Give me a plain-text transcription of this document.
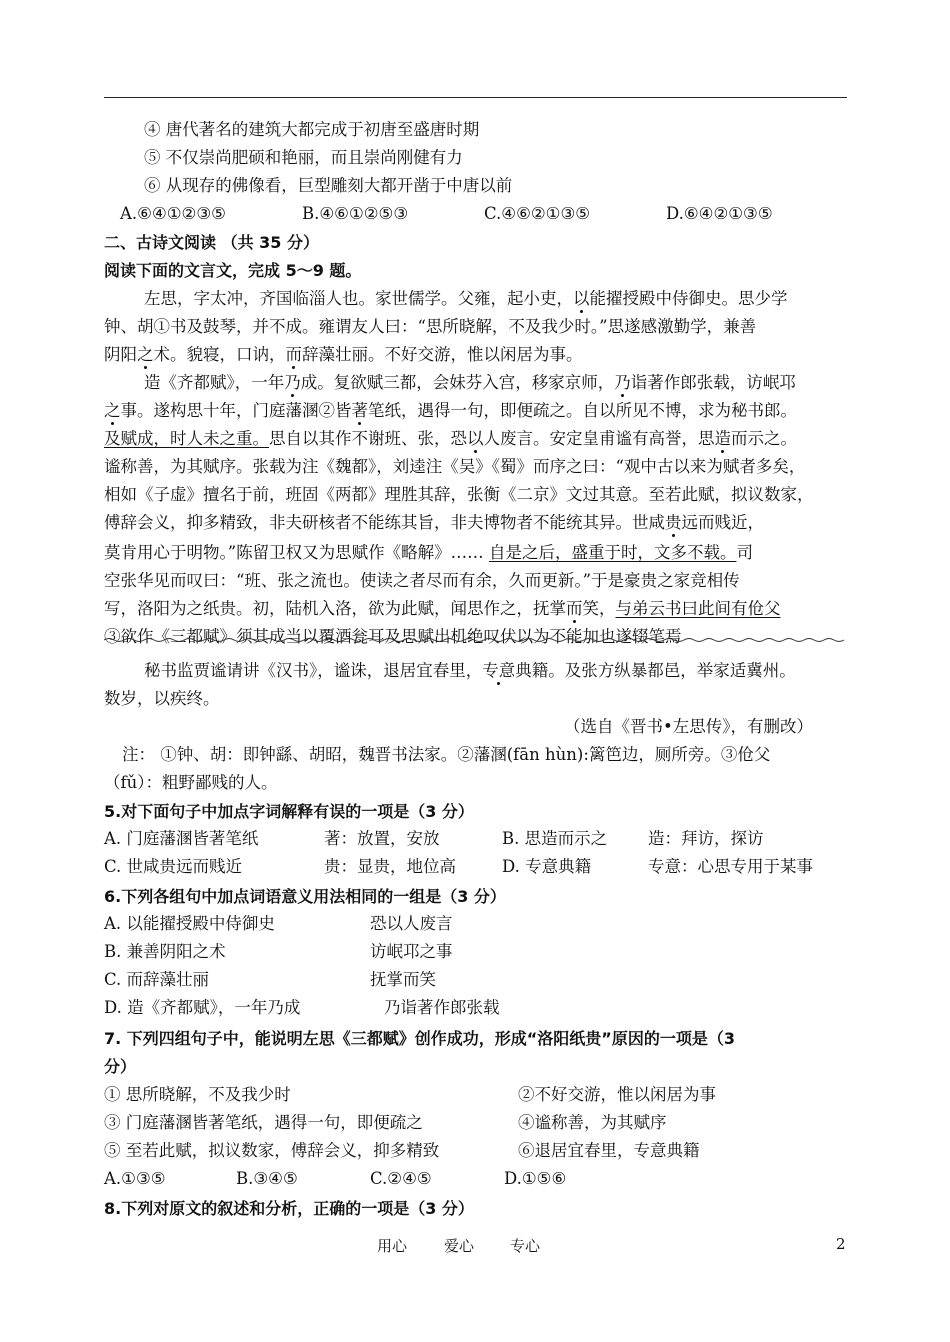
④ 唐代著名的建筑大都完成于初唐至盛唐时期
⑤ 不仅崇尚肥硕和艳丽，而且崇尚刚健有力
⑥ 从现存的佛像看，巨型雕刻大都开凿于中唐以前
A.⑥④①②③⑤	B.④⑥①②⑤③	C.④⑥②①③⑤	D.⑥④②①③⑤
二、古诗文阅读 （共 35 分）
阅读下面的文言文，完成 5～9 题。
左思，字太冲，齐国临淄人也。家世儒学。父雍，起小吏，以能擢授殿中侍御史。思少学
钟、胡①书及鼓琴，并不成。雍谓友人曰：“思所晓解，不及我少时。”思遂感激勤学，兼善
阴阳之术。貌寝，口讷，而辞藻壮丽。不好交游，惟以闲居为事。
造《齐都赋》，一年乃成。复欲赋三都，会妹芬入宫，移家京师，乃诣著作郎张载，访岷邛
之事。遂构思十年，门庭藩溷②皆著笔纸，遇得一句，即便疏之。自以所见不博，求为秘书郎。
及赋成，时人未之重。思自以其作不谢班、张，恐以人废言。安定皇甫谧有高誉，思造而示之。
谧称善，为其赋序。张载为注《魏都》，刘逵注《吴》《蜀》而序之曰：“观中古以来为赋者多矣，
相如《子虚》擅名于前，班固《两都》理胜其辞，张衡《二京》文过其意。至若此赋，拟议数家，
傅辞会义，抑多精致，非夫研核者不能练其旨，非夫博物者不能统其异。世咸贵远而贱近，
莫肯用心于明物。”陈留卫权又为思赋作《略解》…… 自是之后，盛重于时，文多不载。司
空张华见而叹曰：“班、张之流也。使读之者尽而有余，久而更新。”于是豪贵之家竞相传
写，洛阳为之纸贵。初，陆机入洛，欲为此赋，闻思作之，抚掌而笑，与弟云书曰此间有伧父
③欲作《三都赋》须其成当以覆酒瓮耳及思赋出机绝叹伏以为不能加也遂辍笔焉
秘书监贾谧请讲《汉书》，谧诛，退居宜春里，专意典籍。及张方纵暴都邑，举家适冀州。
数岁，以疾终。
（选自《晋书•左思传》，有删改）
注： ①钟、胡：即钟繇、胡昭，魏晋书法家。②藩溷(fān hùn):篱笆边，厕所旁。③伧父
（fǔ）：粗野鄙贱的人。
5.对下面句子中加点字词解释有误的一项是（3 分）
A. 门庭藩溷皆著笔纸	著：放置，安放	B. 思造而示之 造：拜访，探访
C. 世咸贵远而贱近	贵：显贵，地位高	D. 专意典籍	专意：心思专用于某事
6.下列各组句中加点词语意义用法相同的一组是（3 分）
A. 以能擢授殿中侍御史	恐以人废言
B. 兼善阴阳之术	访岷邛之事
C. 而辞藻壮丽	抚掌而笑
D. 造《齐都赋》，一年乃成	乃诣著作郎张载
7. 下列四组句子中，能说明左思《三都赋》创作成功，形成“洛阳纸贵”原因的一项是（3
分）
① 思所晓解，不及我少时	②不好交游，惟以闲居为事
③ 门庭藩溷皆著笔纸，遇得一句，即便疏之	④谧称善，为其赋序
⑤ 至若此赋，拟议数家，傅辞会义，抑多精致	⑥退居宜春里，专意典籍
A.①③⑤	B.③④⑤	C.②④⑤	D.①⑤⑥
8.下列对原文的叙述和分析，正确的一项是（3 分）
用心 爱心 专心	2
